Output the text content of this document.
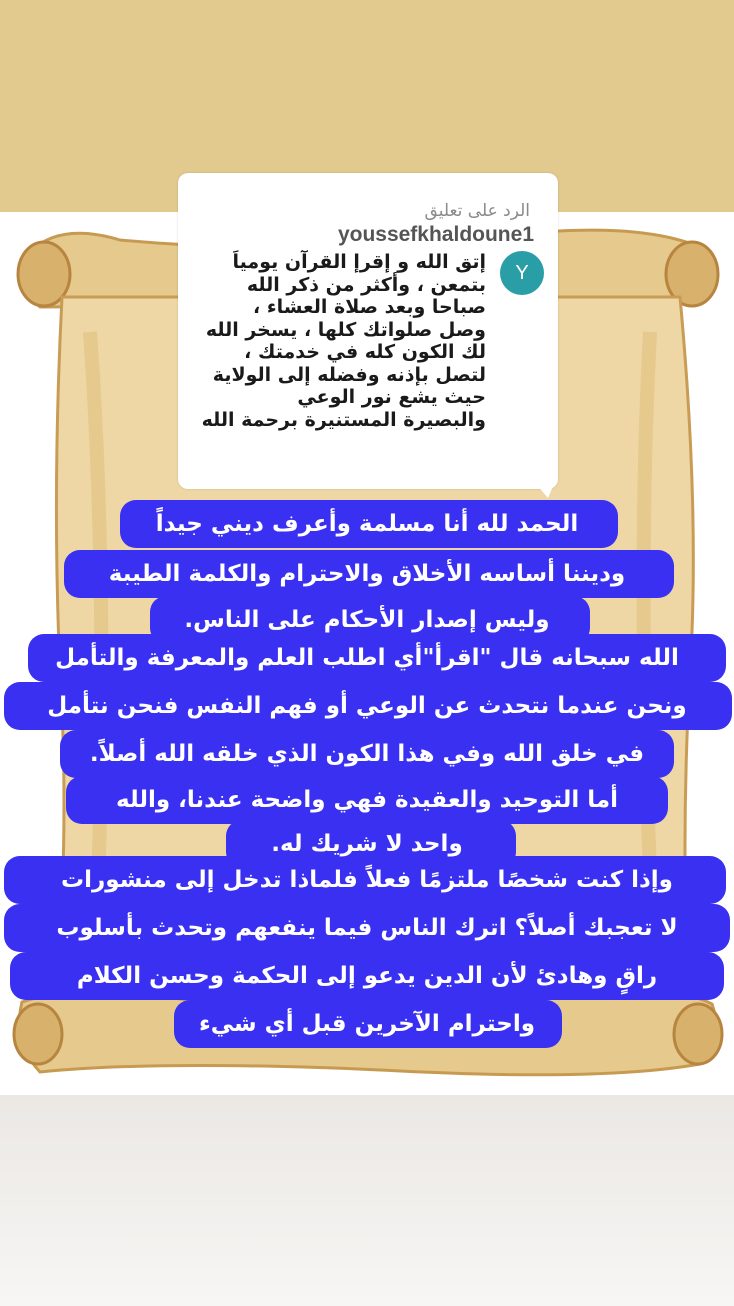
الرد على تعليق
youssefkhaldoune1
Y

إتق الله و إقرإ القرآن يومياَ
بتمعن ، وأكثر من ذكر الله
صباحا وبعد صلاة العشاء ،
وصل صلواتك كلها ، يسخر الله
لك الكون كله في خدمتك ،
لتصل بإذنه وفضله إلى الولاية
حيث يشع نور الوعي
والبصيرة المستنيرة برحمة الله

الحمد لله أنا مسلمة وأعرف ديني جيداً
وديننا أساسه الأخلاق والاحترام والكلمة الطيبة
وليس إصدار الأحكام على الناس.
الله سبحانه قال "اقرأ"أي اطلب العلم والمعرفة والتأمل
ونحن عندما نتحدث عن الوعي أو فهم النفس فنحن نتأمل
في خلق الله وفي هذا الكون الذي خلقه الله أصلاً.
أما التوحيد والعقيدة فهي واضحة عندنا، والله
واحد لا شريك له.
وإذا كنت شخصًا ملتزمًا فعلاً فلماذا تدخل إلى منشورات
لا تعجبك أصلاً؟ اترك الناس فيما ينفعهم وتحدث بأسلوب
راقٍ وهادئ لأن الدين يدعو إلى الحكمة وحسن الكلام
واحترام الآخرين قبل أي شيء
